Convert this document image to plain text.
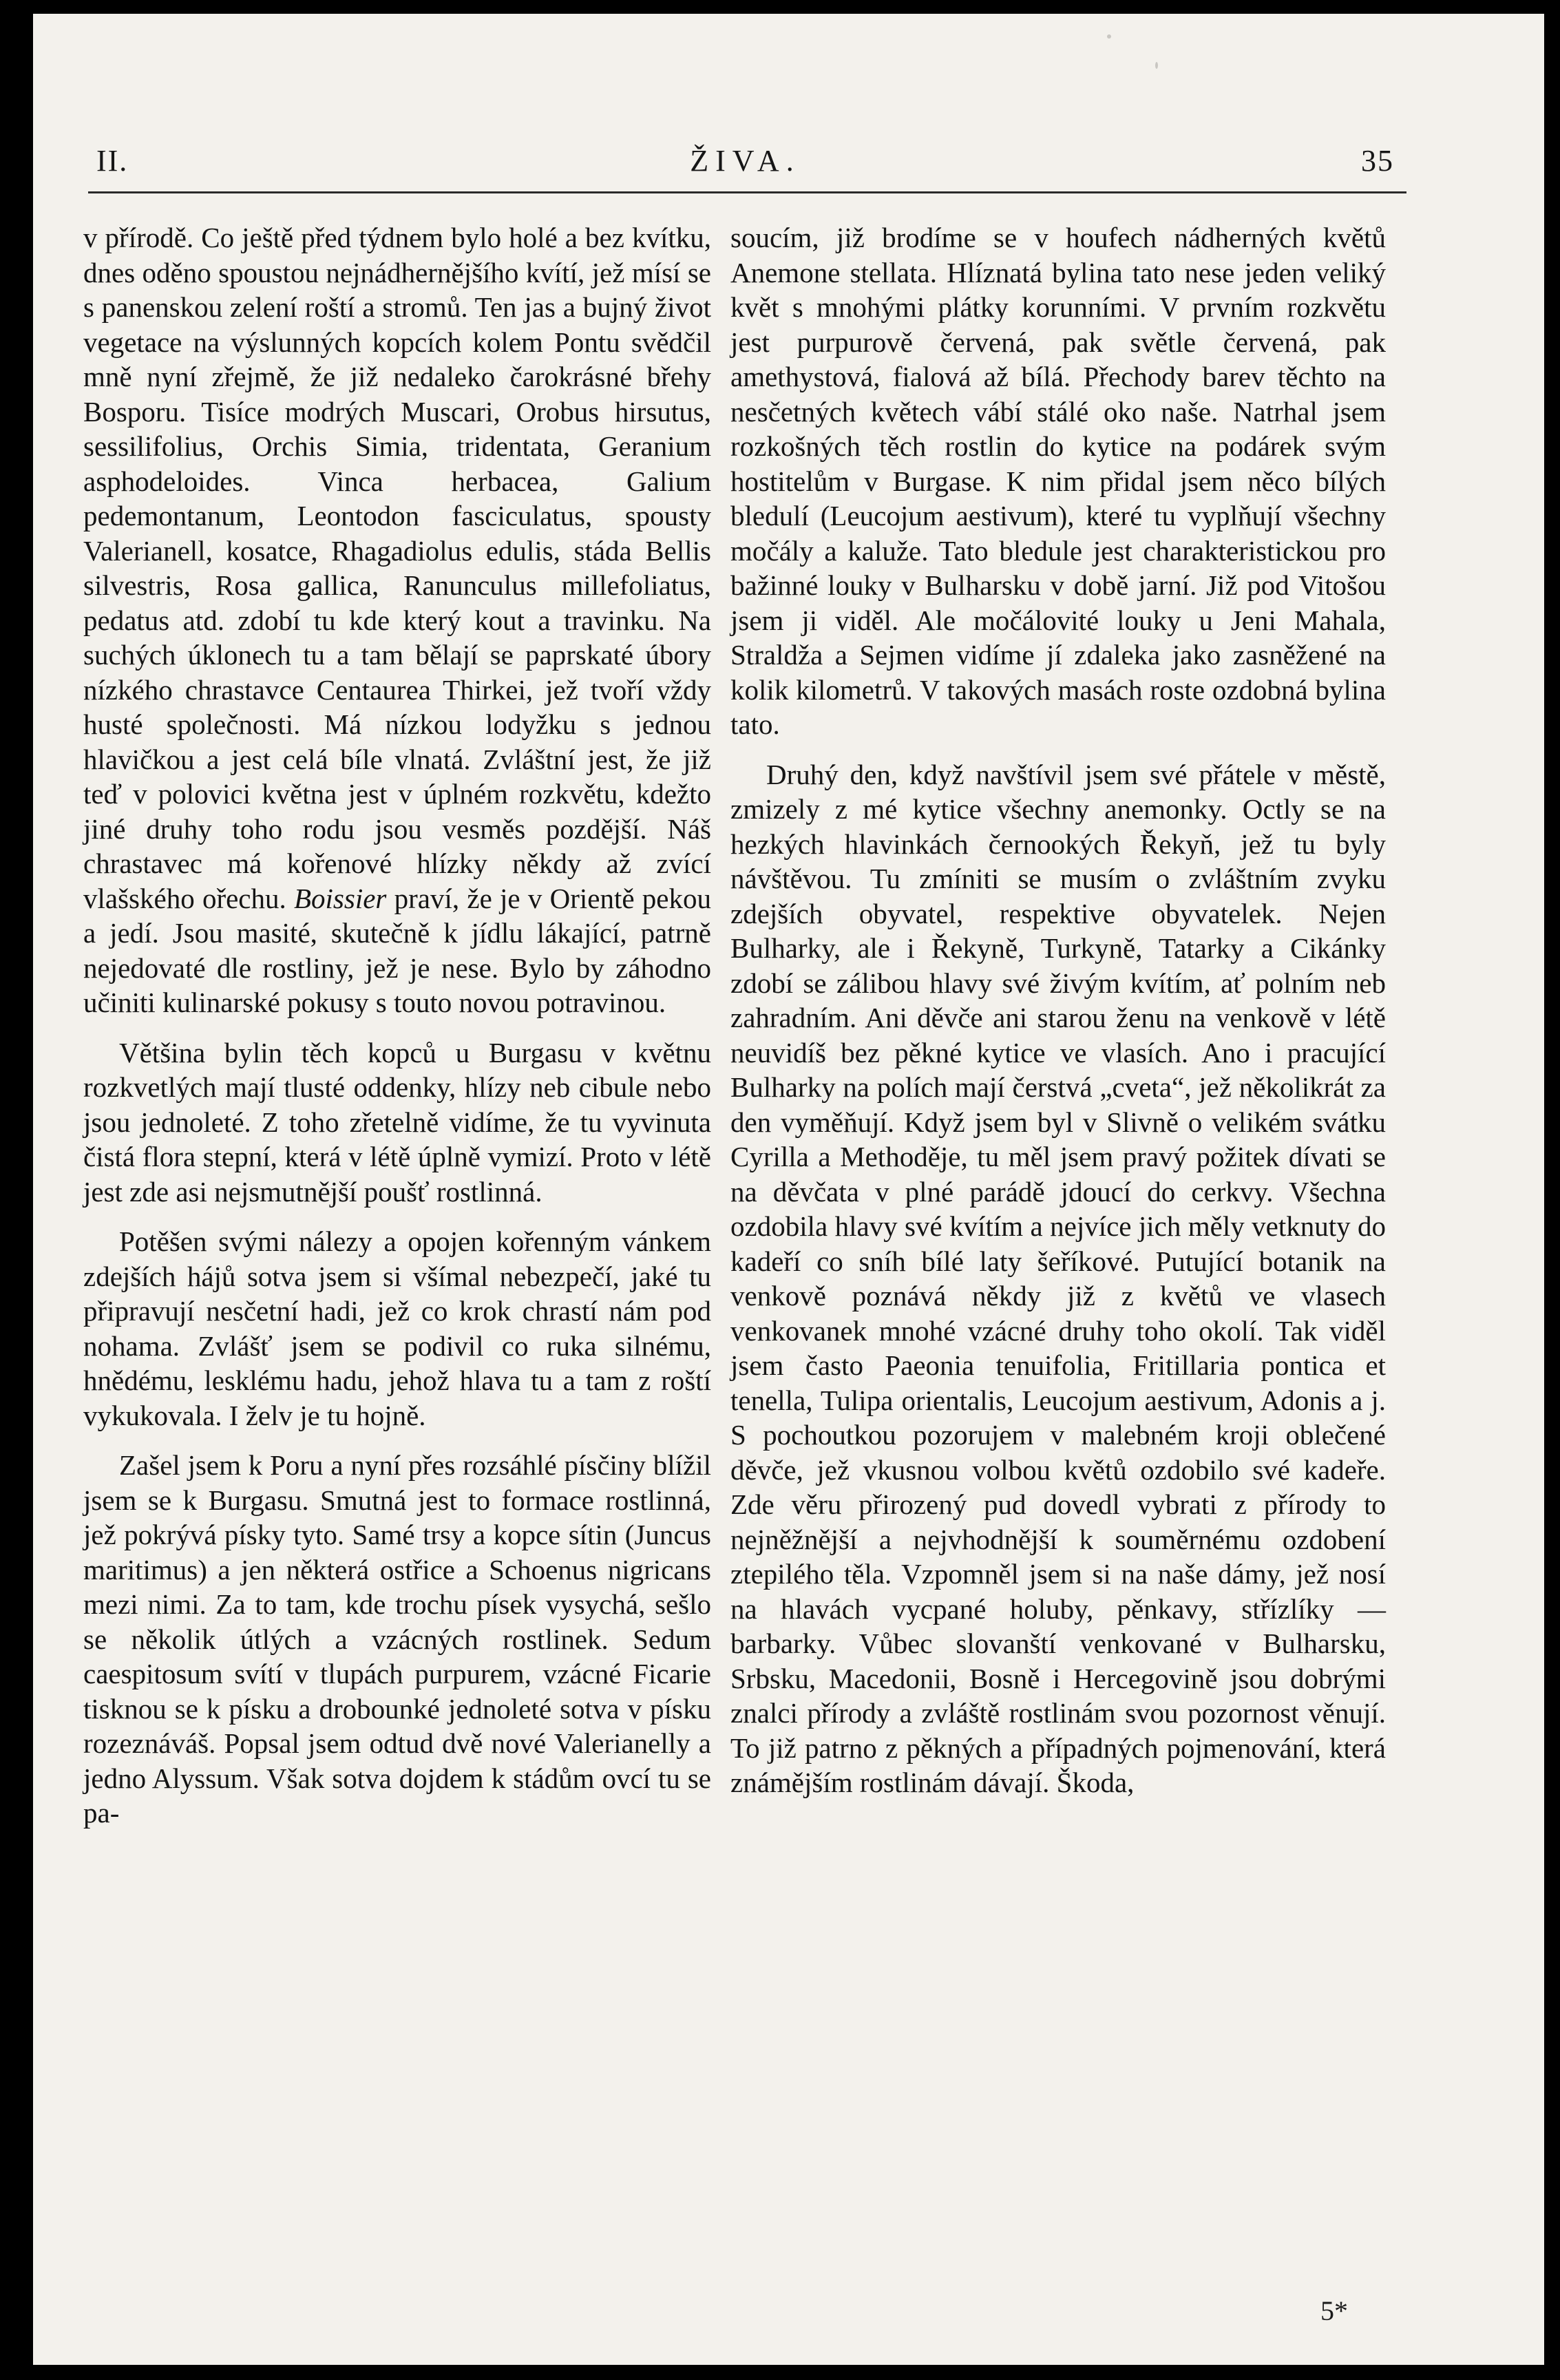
II.	ŽIVA.	35

v přírodě. Co ještě před týdnem bylo holé a bez kvítku, dnes oděno spoustou nejnádhernějšího kvítí, jež mísí se s panenskou zelení roští a stromů. Ten jas a bujný život vegetace na výslunných kopcích kolem Pontu svědčil mně nyní zřejmě, že již nedaleko čarokrásné břehy Bosporu. Tisíce modrých Muscari, Orobus hirsutus, sessilifolius, Orchis Simia, tridentata, Geranium asphodeloides. Vinca herbacea, Galium pedemontanum, Leontodon fasciculatus, spousty Valerianell, kosatce, Rhagadiolus edulis, stáda Bellis silvestris, Rosa gallica, Ranunculus millefoliatus, pedatus atd. zdobí tu kde který kout a travinku. Na suchých úklonech tu a tam bělají se paprskaté úbory nízkého chrastavce Centaurea Thirkei, jež tvoří vždy husté společnosti. Má nízkou lodyžku s jednou hlavičkou a jest celá bíle vlnatá. Zvláštní jest, že již teď v polovici května jest v úplném rozkvětu, kdežto jiné druhy toho rodu jsou vesměs pozdější. Náš chrastavec má kořenové hlízky někdy až zvící vlašského ořechu. Boissier praví, že je v Orientě pekou a jedí. Jsou masité, skutečně k jídlu lákající, patrně nejedovaté dle rostliny, jež je nese. Bylo by záhodno učiniti kulinarské pokusy s touto novou potravinou.

Většina bylin těch kopců u Burgasu v květnu rozkvetlých mají tlusté oddenky, hlízy neb cibule nebo jsou jednoleté. Z toho zřetelně vidíme, že tu vyvinuta čistá flora stepní, která v létě úplně vymizí. Proto v létě jest zde asi nejsmutnější poušť rostlinná.

Potěšen svými nálezy a opojen kořenným vánkem zdejších hájů sotva jsem si všímal nebezpečí, jaké tu připravují nesčetní hadi, jež co krok chrastí nám pod nohama. Zvlášť jsem se podivil co ruka silnému, hnědému, lesklému hadu, jehož hlava tu a tam z roští vykukovala. I želv je tu hojně.

Zašel jsem k Poru a nyní přes rozsáhlé písčiny blížil jsem se k Burgasu. Smutná jest to formace rostlinná, jež pokrývá písky tyto. Samé trsy a kopce sítin (Juncus maritimus) a jen některá ostřice a Schoenus nigricans mezi nimi. Za to tam, kde trochu písek vysychá, sešlo se několik útlých a vzácných rostlinek. Sedum caespitosum svítí v tlupách purpurem, vzácné Ficarie tisknou se k písku a drobounké jednoleté sotva v písku rozeznáváš. Popsal jsem odtud dvě nové Valerianelly a jedno Alyssum. Však sotva dojdem k stádům ovcí tu se pa-

soucím, již brodíme se v houfech nádherných květů Anemone stellata. Hlíznatá bylina tato nese jeden veliký květ s mnohými plátky korunními. V prvním rozkvětu jest purpurově červená, pak světle červená, pak amethystová, fialová až bílá. Přechody barev těchto na nesčetných květech vábí stálé oko naše. Natrhal jsem rozkošných těch rostlin do kytice na podárek svým hostitelům v Burgase. K nim přidal jsem něco bílých bledulí (Leucojum aestivum), které tu vyplňují všechny močály a kaluže. Tato bledule jest charakteristickou pro bažinné louky v Bulharsku v době jarní. Již pod Vitošou jsem ji viděl. Ale močálovité louky u Jeni Mahala, Straldža a Sejmen vidíme jí zdaleka jako zasněžené na kolik kilometrů. V takových masách roste ozdobná bylina tato.

Druhý den, když navštívil jsem své přátele v městě, zmizely z mé kytice všechny anemonky. Octly se na hezkých hlavinkách černookých Řekyň, jež tu byly návštěvou. Tu zmíniti se musím o zvláštním zvyku zdejších obyvatel, respektive obyvatelek. Nejen Bulharky, ale i Řekyně, Turkyně, Tatarky a Cikánky zdobí se zálibou hlavy své živým kvítím, ať polním neb zahradním. Ani děvče ani starou ženu na venkově v létě neuvidíš bez pěkné kytice ve vlasích. Ano i pracující Bulharky na polích mají čerstvá „cveta“, jež několikrát za den vyměňují. Když jsem byl v Slivně o velikém svátku Cyrilla a Methoděje, tu měl jsem pravý požitek dívati se na děvčata v plné parádě jdoucí do cerkvy. Všechna ozdobila hlavy své kvítím a nejvíce jich měly vetknuty do kadeří co sníh bílé laty šeříkové. Putující botanik na venkově poznává někdy již z květů ve vlasech venkovanek mnohé vzácné druhy toho okolí. Tak viděl jsem často Paeonia tenuifolia, Fritillaria pontica et tenella, Tulipa orientalis, Leucojum aestivum, Adonis a j. S pochoutkou pozorujem v malebném kroji oblečené děvče, jež vkusnou volbou květů ozdobilo své kadeře. Zde věru přirozený pud dovedl vybrati z přírody to nejněžnější a nejvhodnější k souměrnému ozdobení ztepilého těla. Vzpomněl jsem si na naše dámy, jež nosí na hlavách vycpané holuby, pěnkavy, střízlíky — barbarky. Vůbec slovanští venkované v Bulharsku, Srbsku, Macedonii, Bosně i Hercegovině jsou dobrými znalci přírody a zvláště rostlinám svou pozornost věnují. To již patrno z pěkných a případných pojmenování, která známějším rostlinám dávají. Škoda,

5*
